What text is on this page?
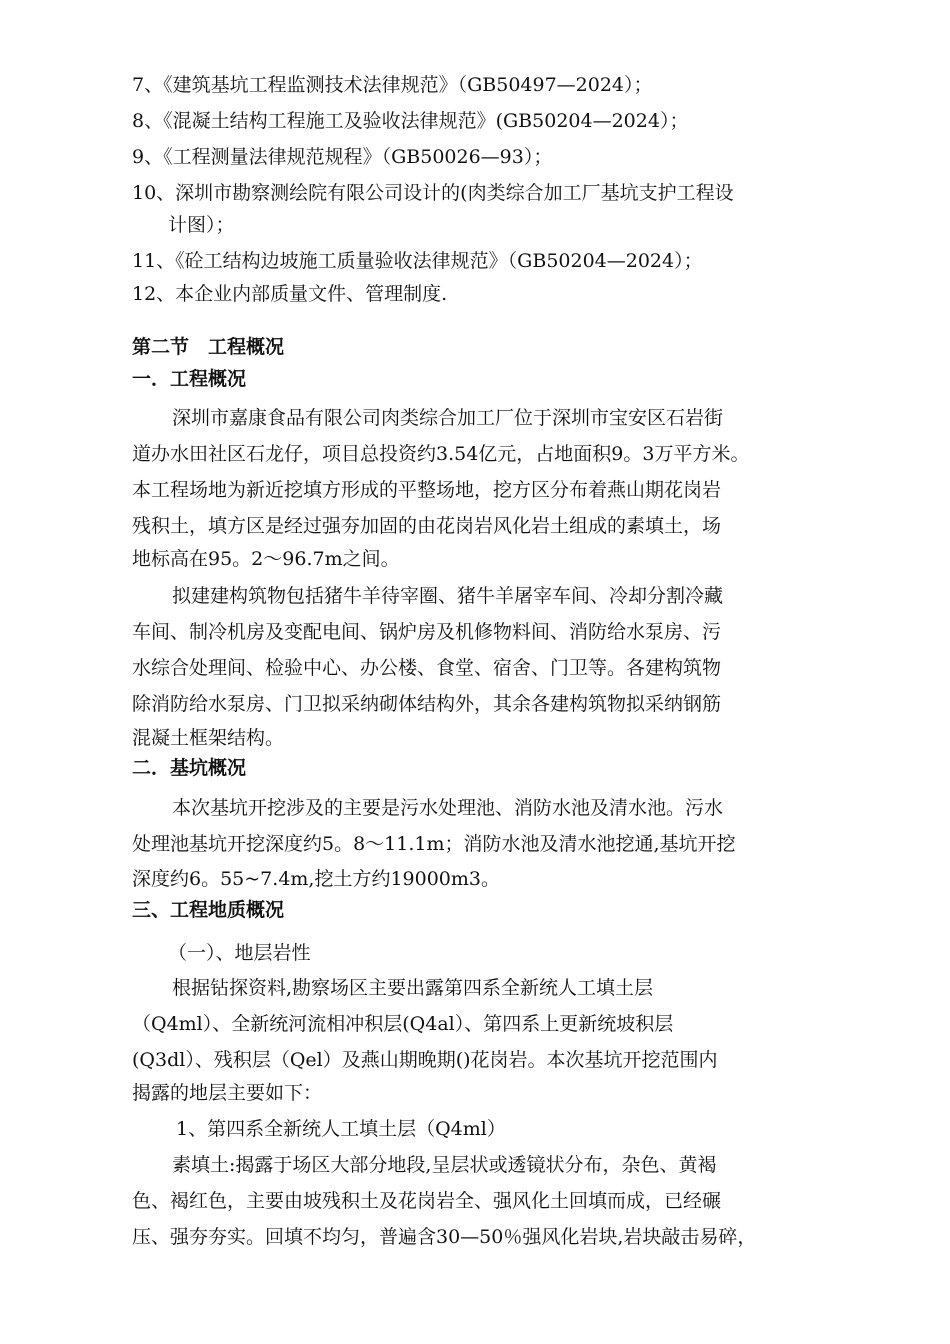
7、《建筑基坑工程监测技术法律规范》（GB50497—2024）；
8、《混凝土结构工程施工及验收法律规范》(GB50204—2024）；
9、《工程测量法律规范规程》（GB50026—93）；
10、深圳市勘察测绘院有限公司设计的(肉类综合加工厂基坑支护工程设
计图）；
11、《砼工结构边坡施工质量验收法律规范》（GB50204—2024）；
12、本企业内部质量文件、管理制度.
第二节　工程概况
一．工程概况
深圳市嘉康食品有限公司肉类综合加工厂位于深圳市宝安区石岩街
道办水田社区石龙仔，项目总投资约3.54亿元，占地面积9。3万平方米。
本工程场地为新近挖填方形成的平整场地，挖方区分布着燕山期花岗岩
残积土，填方区是经过强夯加固的由花岗岩风化岩土组成的素填土，场
地标高在95。2～96.7m之间。
拟建建构筑物包括猪牛羊待宰圈、猪牛羊屠宰车间、冷却分割冷藏
车间、制冷机房及变配电间、锅炉房及机修物料间、消防给水泵房、污
水综合处理间、检验中心、办公楼、食堂、宿舍、门卫等。各建构筑物
除消防给水泵房、门卫拟采纳砌体结构外，其余各建构筑物拟采纳钢筋
混凝土框架结构。
二．基坑概况
本次基坑开挖涉及的主要是污水处理池、消防水池及清水池。污水
处理池基坑开挖深度约5。8～11.1m；消防水池及清水池挖通,基坑开挖
深度约6。55~7.4m,挖土方约19000m3。
三、工程地质概况
（一）、地层岩性
根据钻探资料,勘察场区主要出露第四系全新统人工填土层
（Q4ml）、全新统河流相冲积层(Q4al）、第四系上更新统坡积层
(Q3dl）、残积层（Qel）及燕山期晚期()花岗岩。本次基坑开挖范围内
揭露的地层主要如下：
1、第四系全新统人工填土层（Q4ml）
素填土:揭露于场区大部分地段,呈层状或透镜状分布，杂色、黄褐
色、褐红色，主要由坡残积土及花岗岩全、强风化土回填而成，已经碾
压、强夯夯实。回填不均匀，普遍含30—50％强风化岩块,岩块敲击易碎，
